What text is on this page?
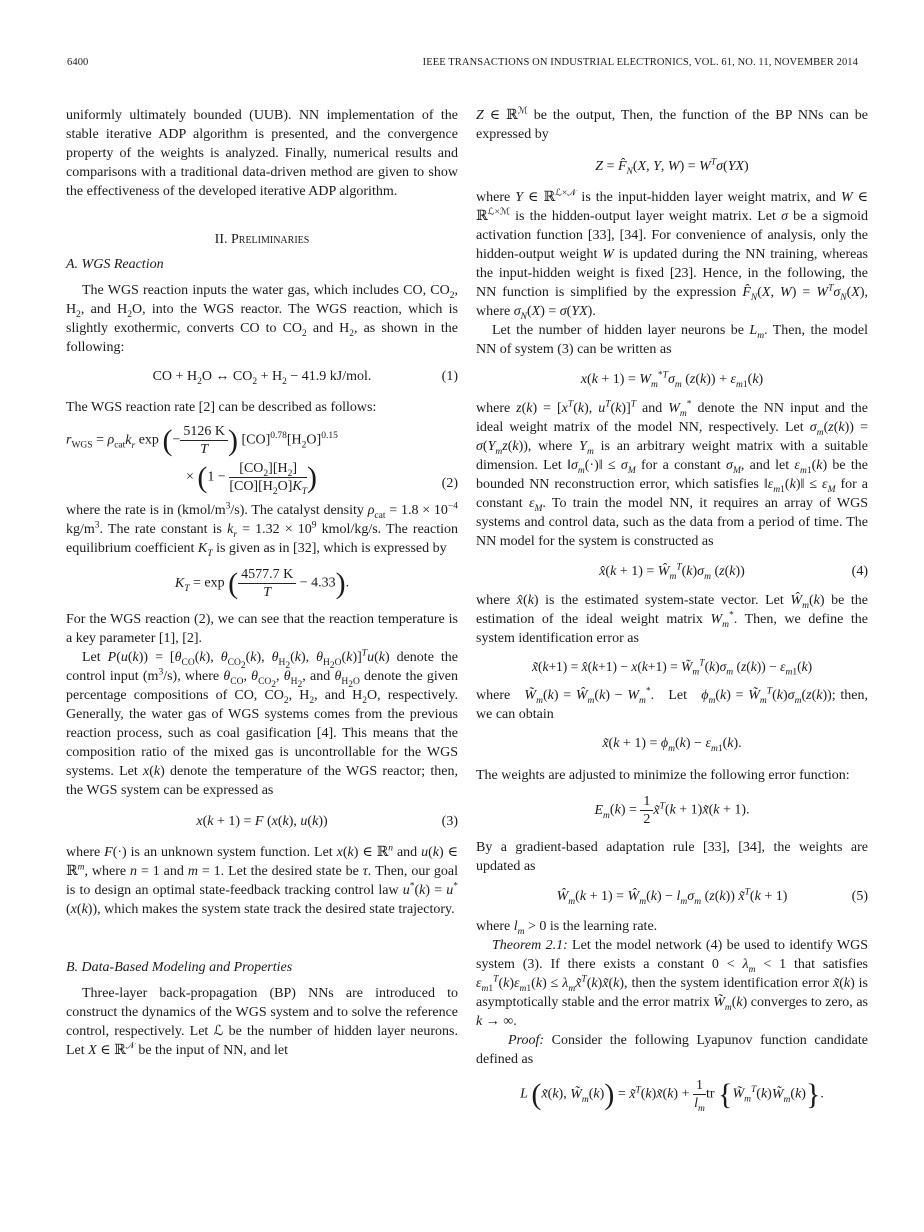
6400	IEEE TRANSACTIONS ON INDUSTRIAL ELECTRONICS, VOL. 61, NO. 11, NOVEMBER 2014

uniformly ultimately bounded (UUB). NN implementation of the stable iterative ADP algorithm is presented, and the convergence property of the weights is analyzed. Finally, numerical results and comparisons with a traditional data-driven method are given to show the effectiveness of the developed iterative ADP algorithm.

II. Preliminaries

A. WGS Reaction

The WGS reaction inputs the water gas, which includes CO, $CO_2$, $H_2$, and $H_2O$, into the WGS reactor. The WGS reaction, which is slightly exothermic, converts CO to $CO_2$ and $H_2$, as shown in the following:

CO + $H_2O$ ↔ $CO_2 + H_2 - 41.9$ kJ/mol.	(1)

The WGS reaction rate [2] can be described as follows:

$r_{WGS} = \rho_{cat}k_r$ exp (− $\frac{5126 K}{T}$ ) $[CO]^{0.78}[H_2O]^{0.15}$
× ($1 - \frac{[CO_2][H_2]}{[CO][H_2O]K_T}$ )	(2)

where the rate is in $(kmol/m^3/s)$. The catalyst density $\rho_{cat} = 1.8 \times 10^{-4}$ $kg/m^3$. The rate constant is $k_r = 1.32 \times 10^9$ kmol/kg/s. The reaction equilibrium coefficient $K_T$ is given as in [32], which is expressed by

$K_T = \exp$ ( $\frac{4577.7 K}{T} - 4.33$).

For the WGS reaction (2), we can see that the reaction temperature is a key parameter [1], [2].

Let $P(u(k)) = [\theta_{CO}(k)$, $\theta_{CO_2}(k)$, $\theta_{H_2}(k)$, $\theta_{H_2O}(k)]^Tu(k)$ denote the control input $(m^3/s)$, where $\theta_{CO}$, $\theta_{CO_2}$, $\theta_{H_2}$, and $\theta_{H_2O}$ denote the given percentage compositions of CO, $CO_2$, $H_2$, and $H_2O$, respectively. Generally, the water gas of WGS systems comes from the previous reaction process, such as coal gasification [4]. This means that the composition ratio of the mixed gas is uncontrollable for the WGS systems. Let x(k) denote the temperature of the WGS reactor; then, the WGS system can be expressed as

x(k + 1) = F (x(k), u(k))	(3)

where F(·) is an unknown system function. Let x(k) ∈ ℝ$^n$ and u(k) ∈ ℝ$^m$, where n = 1 and m = 1. Let the desired state be τ. Then, our goal is to design an optimal state-feedback tracking control law u*(k) = u*(x(k)), which makes the system state track the desired state trajectory.

B. Data-Based Modeling and Properties

Three-layer back-propagation (BP) NNs are introduced to construct the dynamics of the WGS system and to solve the reference control, respectively. Let ℒ be the number of hidden layer neurons. Let X ∈ ℝ$^𝒩$ be the input of NN, and let

Z ∈ ℝ$^ℳ$ be the output, Then, the function of the BP NNs can be expressed by

$Z = F̂_N(X$, Y, $W) = W^T\sigma(YX)$

where Y ∈ ℝ$^{ℒ\times 𝒩}$ is the input-hidden layer weight matrix, and W ∈ ℝ$^{ℒ\times ℳ}$ is the hidden-output layer weight matrix. Let σ be a sigmoid activation function [33], [34]. For convenience of analysis, only the hidden-output weight W is updated during the NN training, whereas the input-hidden weight is fixed [23]. Hence, in the following, the NN function is simplified by the expression $F̂_N(X$, $W) = W^T\sigma_N(X)$, where $\sigma_N(X) = \sigma(YX)$.

Let the number of hidden layer neurons be $L_m$. Then, the model NN of system (3) can be written as

$x(k + 1) = W_m^{*T}\sigma_m$ $(z(k)) + \varepsilon_{m1}(k)$

where $z(k) = [x^T(k)$, $u^T(k)]^T$ and $W_m^*$ denote the NN input and the ideal weight matrix of the model NN, respectively. Let $\sigma_m(z(k)) = \sigma(Y_mz(k))$, where $Y_m$ is an arbitrary weight matrix with a suitable dimension. Let $‖\sigma_m(\cdot)‖ \le \sigma_M$ for a constant $\sigma_M$, and let $\varepsilon_{m1}(k)$ be the bounded NN reconstruction error, which satisfies $‖\varepsilon_{m1}(k)‖ \le \varepsilon_M$ for a constant $\varepsilon_M$. To train the model NN, it requires an array of WGS systems and control data, such as the data from a period of time. The NN model for the system is constructed as

x̂(k + $1) = Ŵ_m^T(k)\sigma_m$ (z(k))	(4)

where x̂(k) is the estimated system-state vector. Let $Ŵ_m(k)$ be the estimation of the ideal weight matrix $W_m^*$. Then, we define the system identification error as

x̃(k+1) = x̂(k+1) − $x(k+1) = W̃_m^T(k)\sigma_m$ $(z(k)) - \varepsilon_{m1}(k)$

where   $W̃_m(k)$ = $Ŵ_m(k) - W_m^*$.   Let   $\phi_m(k)$ = $W̃_m^T(k)\sigma_m(z(k))$; then, we can obtain

x̃(k + $1) = \phi_m(k) - \varepsilon_{m1}(k)$.

The weights are adjusted to minimize the following error function:

$E_m(k) = \frac{1}{2}$ x̃$^T$(k + 1)x̃(k + 1).

By a gradient-based adaptation rule [33], [34], the weights are updated as

$Ŵ_m(k + 1)$ = $Ŵ_m(k) - l_m\sigma_m$ (z(k)) x̃$^T$(k + 1)	(5)

where $l_m > 0$ is the learning rate.

Theorem 2.1: Let the model network (4) be used to identify WGS system (3). If there exists a constant $0 < \lambda_m < 1$ that satisfies $\varepsilon_{m1}^T(k)\varepsilon_{m1}(k)$ ≤ $\lambda_mx̃^T(k)x̃(k)$, then the system identification error x̃(k) is asymptotically stable and the error matrix $W̃_m(k)$ converges to zero, as k → ∞.

Proof: Consider the following Lyapunov function candidate defined as

L (x̃(k), $W̃_m(k)$) = x̃$^T$(k)x̃(k) + $\frac{1}{l_m}$ tr $\{W̃_m^T(k)W̃_m(k)\}$.
